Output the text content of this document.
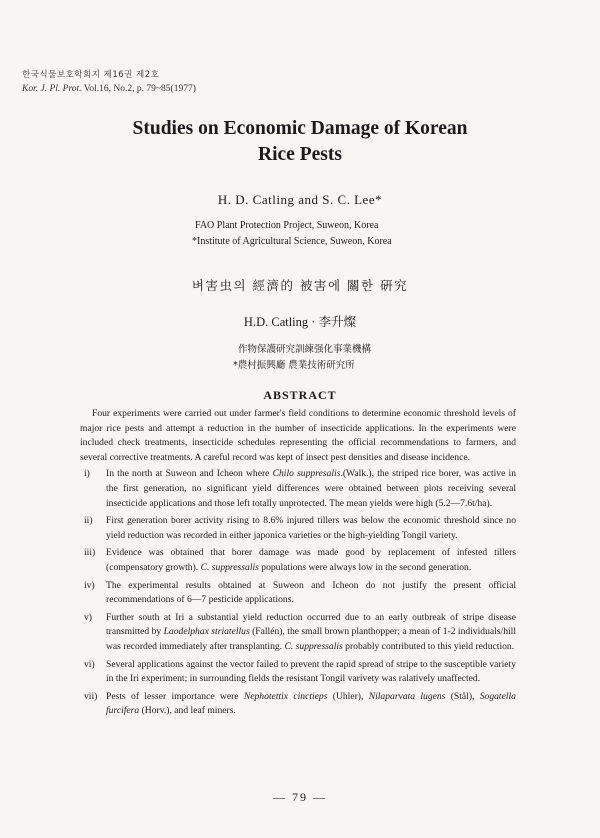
한국식물보호학회지 제16권 제2호
Kor. J. Pl. Prot. Vol.16, No.2, p. 79~85(1977)
Studies on Economic Damage of Korean
Rice Pests
H. D. Catling and S. C. Lee*
FAO Plant Protection Project, Suweon, Korea
*Institute of Agricultural Science, Suweon, Korea
벼害虫의 經濟的 被害에 關한 硏究
H.D. Catling · 李升燦
作物保護研究訓練强化事業機構
*農村振興廳 農業技術研究所
ABSTRACT

Four experiments were carried out under farmer's field conditions to determine economic threshold levels of major rice pests and attempt a reduction in the number of insecticide applications. In the experiments were included check treatments, insecticide schedules representing the official recommendations to farmers, and several corrective treatments. A careful record was kept of insect pest densities and disease incidence.

i)	In the north at Suweon and Icheon where Chilo suppresalis.(Walk.), the striped rice borer, was active in the first generation, no significant yield differences were obtained between plots receiving several insecticide applications and those left totally unprotected. The mean yields were high (5.2—7.6t/ha).
ii)	First generation borer activity rising to 8.6% injured tillers was below the economic threshold since no yield reduction was recorded in either japonica varieties or the high-yielding Tongil variety.
iii)	Evidence was obtained that borer damage was made good by replacement of infested tillers (compensatory growth). C. suppressalis populations were always low in the second generation.
iv)	The experimental results obtained at Suweon and Icheon do not justify the present official recommendations of 6—7 pesticide applications.
v)	Further south at Iri a substantial yield reduction occurred due to an early outbreak of stripe disease transmitted by Laodelphax striatellus (Fallén), the small brown planthopper; a mean of 1-2 individuals/hill was recorded immediately after transplanting. C. suppressalis probably contributed to this yield reduction.
vi)	Several applications against the vector failed to prevent the rapid spread of stripe to the susceptible variety in the Iri experiment; in surrounding fields the resistant Tongil varivety was ralatively unaffected.
vii) Pests of lesser importance were Nephotettix cinctieps (Uhler), Nilaparvata lugens (Stål), Sogatella furcifera (Horv.), and leaf miners.
— 79 —
